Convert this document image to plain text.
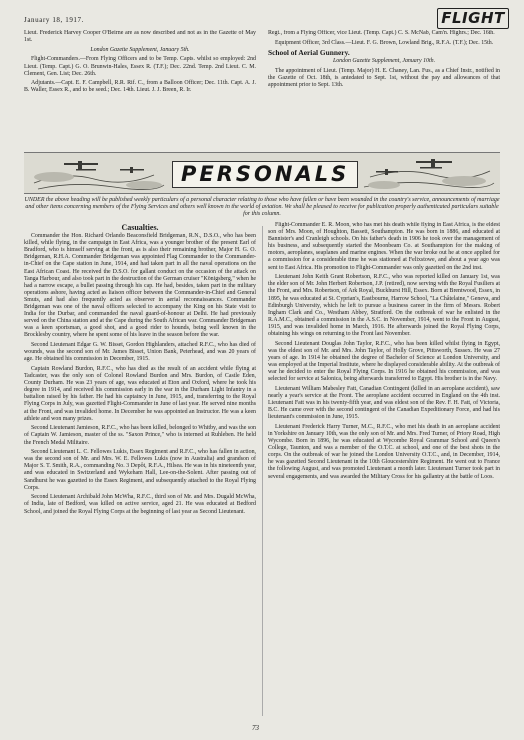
January 18, 1917.	FLIGHT

Lieut. Frederick Harvey Cooper O'Beirne are as now described and not as in the Gazette of May 1st.

London Gazette Supplement, January 5th.

Flight-Commanders.—From Flying Officers and to be Temp. Capts. whilst so employed: 2nd Lieut. (Temp. Capt.) G. O. Brunwin-Hales, Essex R. (T.F.); Dec. 22nd. Temp. 2nd Lieut. C. M. Clement, Gen. List; Dec. 26th.

Adjutants.—Capt. E. F. Campbell, R.R. Rif. C., from a Balloon Officer; Dec. 11th. Capt. A. J. B. Waller, Essex R., and to be seed.; Dec. 14th. Lieut. J. J. Breen, R. Ir.

Regt., from a Flying Officer, vice Lieut. (Temp. Capt.) C. S. McNab, Cam'n. Highrs.; Dec. 16th.

Equipment Officer, 3rd Class.—Lieut. F. G. Brown, Lowland Brig., R.F.A. (T.F.); Dec. 15th.

School of Aerial Gunnery.

London Gazette Supplement, January 10th.

The appointment of Lieut. (Temp. Major) H. E. Chaney, Lan. Fus., as a Chief Instr., notified in the Gazette of Oct. 18th, is antedated to Sept. 1st, without the pay and allowances of that appointment prior to Sept. 13th.

PERSONALS
UNDER the above heading will be published weekly particulars of a personal character relating to those who have fallen or have been wounded in the country's service, announcements of marriage and other items concerning members of the Flying Services and others well known in the world of aviation. We shall be pleased to receive for publication properly authenticated particulars suitable for this column.
Casualties.

Commander the Hon. Richard Orlando Beaconsfield Bridgeman, R.N., D.S.O., who has been killed, while flying, in the campaign in East Africa, was a younger brother of the present Earl of Bradford, who is himself serving at the front, as is also their remaining brother, Major H. G. O. Bridgeman, R.H.A. Commander Bridgeman was appointed Flag Commander to the Commander-in-Chief on the Cape station in June, 1914, and had taken part in all the naval operations on the East African Coast. He received the D.S.O. for gallant conduct on the occasion of the attack on Tanga Harbour, and also took part in the destruction of the German cruiser "Königsberg," when he had a narrow escape, a bullet passing through his cap. He had, besides, taken part in the military operations ashore, having acted as liaison officer between the Commander-in-Chief and General Smuts, and had also frequently acted as observer in aerial reconnaissances. Commander Bridgeman was one of the naval officers selected to accompany the King on his State visit to India for the Durbar, and commanded the naval guard-of-honour at Delhi. He had previously served on the China station and at the Cape during the South African war. Commander Bridgeman was a keen sportsman, a good shot, and a good rider to hounds, being well known in the Brocklesby country, where he spent some of his leave in the season before the war.

Second Lieutenant Edgar G. W. Bisset, Gordon Highlanders, attached R.F.C., who has died of wounds, was the second son of Mr. James Bisset, Union Bank, Peterhead, and was 20 years of age. He obtained his commission in December, 1915.

Captain Rowland Burdon, R.F.C., who has died as the result of an accident while flying at Tadcaster, was the only son of Colonel Rowland Burdon and Mrs. Burdon, of Castle Eden, County Durham. He was 23 years of age, was educated at Eton and Oxford, where he took his degree in 1914, and received his commission early in the war in the Durham Light Infantry in a battalion raised by his father. He had his captaincy in June, 1915, and, transferring to the Royal Flying Corps in July, was gazetted Flight-Commander in June of last year. He served nine months at the Front, and was invalided home. In December he was appointed an Instructor. He was a keen athlete and won many prizes.

Second Lieutenant Jamieson, R.F.C., who has been killed, belonged to Whitby, and was the son of Captain W. Jamieson, master of the ss. "Saxon Prince," who is interned at Ruhleben. He held the French Medal Militaire.

Second Lieutenant L. C. Fellowes Lukis, Essex Regiment and R.F.C., who has fallen in action, was the second son of Mr. and Mrs. W. E. Fellowes Lukis (now in Australia) and grandson of Major S. T. Smith, R.A., commanding No. 3 Depôt, R.F.A., Hilsea. He was in his nineteenth year, and was educated in Switzerland and Wykeham Hall, Lee-on-the-Solent. After passing out of Sandhurst he was gazetted to the Essex Regiment, and subsequently attached to the Royal Flying Corps.

Second Lieutenant Archibald John McWha, R.F.C., third son of Mr. and Mrs. Dugald McWha, of India, late of Bedford, was killed on active service, aged 21. He was educated at Bedford School, and joined the Royal Flying Corps at the beginning of last year as Second Lieutenant.

Flight-Commander E. R. Moon, who has met his death while flying in East Africa, is the eldest son of Mrs. Moon, of Houghton, Bassett, Southampton. He was born in 1886, and educated at Bannister's and Cranleigh schools. On his father's death in 1906 he took over the management of his business, and subsequently started the Moonbeam Co. at Southampton for the making of motors, aeroplanes, seaplanes and marine engines. When the war broke out he at once applied for a commission for a considerable time he was stationed at Felixstowe, and about a year ago was sent to East Africa. His promotion to Flight-Commander was only gazetted on the 2nd inst.

Lieutenant John Keith Grant Robertson, R.F.C., who was reported killed on January 1st, was the elder son of Mr. John Herbert Robertson, J.P. (retired), now serving with the Royal Fusiliers at the Front, and Mrs. Robertson, of Ark Royal, Buckhurst Hill, Essex. Born at Brentwood, Essex, in 1895, he was educated at St. Cyprian's, Eastbourne, Harrow School, "La Châtelaine," Geneva, and Edinburgh University, which he left to pursue a business career in the firm of Messrs. Robert Ingham Clark and Co., Westham Abbey, Stratford. On the outbreak of war he enlisted in the R.A.M.C., obtained a commission in the A.S.C. in November, 1914, went to the Front in August, 1915, and was invalided home in March, 1916. He afterwards joined the Royal Flying Corps, obtaining his wings on returning to the Front last November.

Second Lieutenant Douglas John Taylor, R.F.C., who has been killed whilst flying in Egypt, was the eldest son of Mr. and Mrs. John Taylor, of Holly Grove, Pittsworth, Sussex. He was 27 years of age. In 1914 he obtained the degree of Bachelor of Science at London University, and was employed at the Imperial Institute, where he displayed considerable ability. At the outbreak of war he decided to enter the Royal Flying Corps. In 1916 he obtained his commission, and was selected for service at Salonica, being afterwards transferred to Egypt. His brother is in the Navy.

Lieutenant William Mabesley Fatt, Canadian Contingent (killed in an aeroplane accident), saw nearly a year's service at the Front. The aeroplane accident occurred in England on the 4th inst. Lieutenant Fatt was in his twenty-fifth year, and was eldest son of the Rev. F. H. Fatt, of Victoria, B.C. He came over with the second contingent of the Canadian Expeditionary Force, and had his lieutenant's commission in June, 1915.

Lieutenant Frederick Harry Turner, M.C., R.F.C., who met his death in an aeroplane accident in Yorkshire on January 10th, was the only son of Mr. and Mrs. Fred Turner, of Priory Road, High Wycombe. Born in 1896, he was educated at Wycombe Royal Grammar School and Queen's College, Taunton, and was a member of the O.T.C. at school, and one of the best shots in the corps. On the outbreak of war he joined the London University O.T.C., and, in December, 1914, he was gazetted Second Lieutenant in the 10th Gloucestershire Regiment. He went out to France the following August, and was promoted Lieutenant a month later. Lieutenant Turner took part in several engagements, and was awarded the Military Cross for his gallantry at the battle of Loos.

73
